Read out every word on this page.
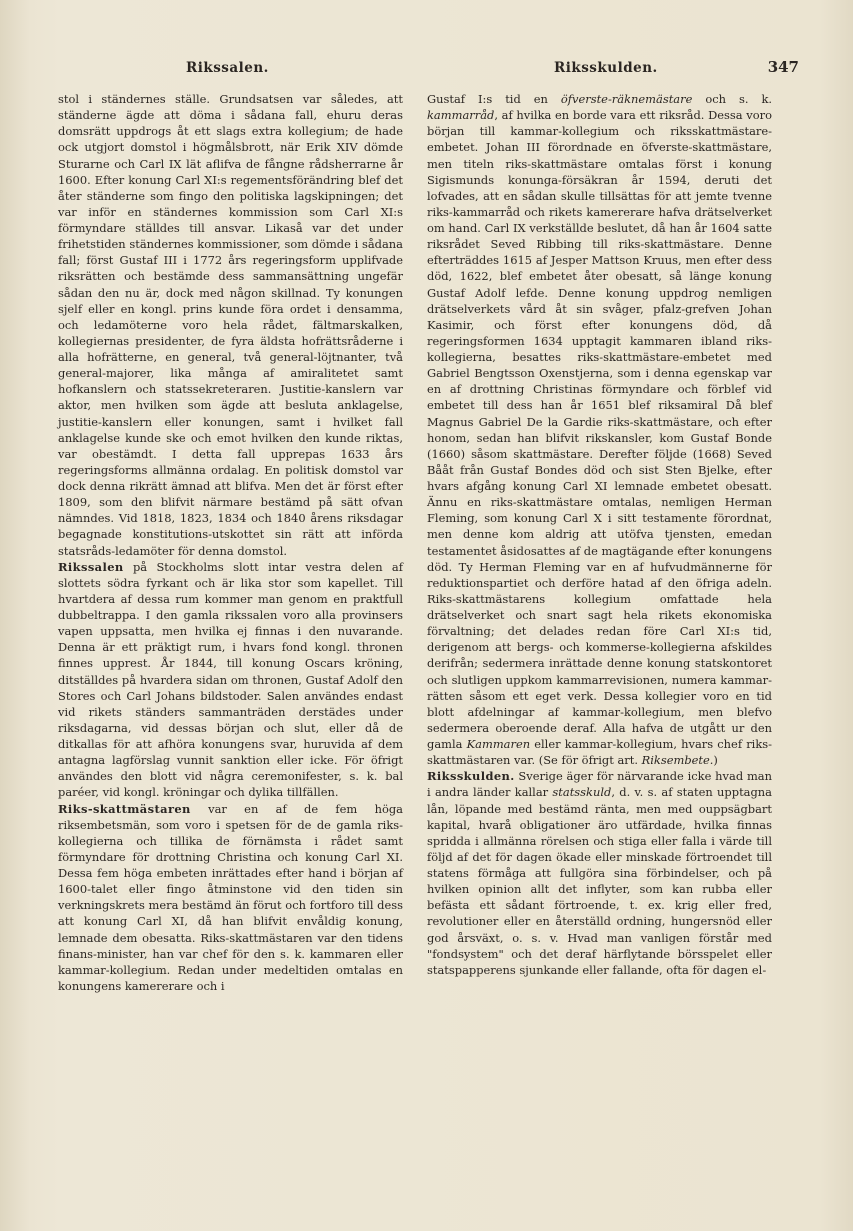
Rikssalen.	Riksskulden.	347

stol i ständernes ställe. Grundsatsen var således, att ständerne ägde att döma i sådana fall, ehuru deras domsrätt uppdrogs åt ett slags extra kollegium; de hade ock utgjort domstol i högmålsbrott, när Erik XIV dömde Sturarne och Carl IX lät aflifva de fångne rådsherrarne år 1600. Efter konung Carl XI:s regementsförändring blef det åter ständerne som fingo den politiska lagskipningen; det var inför en ständernes kommission som Carl XI:s förmyndare ställdes till ansvar. Likaså var det under frihetstiden ständernes kommissioner, som dömde i sådana fall; först Gustaf III i 1772 års regeringsform upplifvade riksrätten och bestämde dess sammansättning ungefär sådan den nu är, dock med någon skillnad. Ty konungen sjelf eller en kongl. prins kunde föra ordet i densamma, och ledamöterne voro hela rådet, fältmarskalken, kollegiernas presidenter, de fyra äldsta hofrättsråderne i alla hofrätterne, en general, två general-löjtnanter, två general-majorer, lika många af amiralitetet samt hofkanslern och statssekreteraren. Justitie-kanslern var aktor, men hvilken som ägde att besluta anklagelse, justitie-kanslern eller konungen, samt i hvilket fall anklagelse kunde ske och emot hvilken den kunde riktas, var obestämdt. I detta fall upprepas 1633 års regeringsforms allmänna ordalag. En politisk domstol var dock denna rikrätt ämnad att blifva. Men det är först efter 1809, som den blifvit närmare bestämd på sätt ofvan nämndes. Vid 1818, 1823, 1834 och 1840 årens riksdagar begagnade konstitutions-utskottet sin rätt att införda statsråds-ledamöter för denna domstol.

Rikssalen på Stockholms slott intar vestra delen af slottets södra fyrkant och är lika stor som kapellet. Till hvartdera af dessa rum kommer man genom en praktfull dubbeltrappa. I den gamla rikssalen voro alla provinsers vapen uppsatta, men hvilka ej finnas i den nuvarande. Denna är ett präktigt rum, i hvars fond kongl. thronen finnes upprest. År 1844, till konung Oscars kröning, ditställdes på hvardera sidan om thronen, Gustaf Adolf den Stores och Carl Johans bildstoder. Salen användes endast vid rikets ständers sammanträden derstädes under riksdagarna, vid dessas början och slut, eller då de ditkallas för att afhöra konungens svar, huruvida af dem antagna lagförslag vunnit sanktion eller icke. För öfrigt användes den blott vid några ceremonifester, s. k. bal paréer, vid kongl. kröningar och dylika tillfällen.

Riks-skattmästaren var en af de fem höga riksembetsmän, som voro i spetsen för de de gamla riks-kollegierna och tillika de förnämsta i rådet samt förmyndare för drottning Christina och konung Carl XI. Dessa fem höga embeten inrättades efter hand i början af 1600-talet eller fingo åtminstone vid den tiden sin verkningskrets mera bestämd än förut och fortforo till dess att konung Carl XI, då han blifvit envåldig konung, lemnade dem obesatta. Riks-skattmästaren var den tidens finans-minister, han var chef för den s. k. kammaren eller kammar-kollegium. Redan under medeltiden omtalas en konungens kamererare och i

Gustaf I:s tid en öfverste-räknemästare och s. k. kammarråd, af hvilka en borde vara ett riksråd. Dessa voro början till kammar-kollegium och riksskattmästare-embetet. Johan III förordnade en öfverste-skattmästare, men titeln riks-skattmästare omtalas först i konung Sigismunds konunga-försäkran år 1594, deruti det lofvades, att en sådan skulle tillsättas för att jemte tvenne riks-kammarråd och rikets kamererare hafva drätselverket om hand. Carl IX verkställde beslutet, då han år 1604 satte riksrådet Seved Ribbing till riks-skattmästare. Denne efterträddes 1615 af Jesper Mattson Kruus, men efter dess död, 1622, blef embetet åter obesatt, så länge konung Gustaf Adolf lefde. Denne konung uppdrog nemligen drätselverkets vård åt sin svåger, pfalz-grefven Johan Kasimir, och först efter konungens död, då regeringsformen 1634 upptagit kammaren ibland riks-kollegierna, besattes riks-skattmästare-embetet med Gabriel Bengtsson Oxenstjerna, som i denna egenskap var en af drottning Christinas förmyndare och förblef vid embetet till dess han år 1651 blef riksamiral Då blef Magnus Gabriel De la Gardie riks-skattmästare, och efter honom, sedan han blifvit rikskansler, kom Gustaf Bonde (1660) såsom skattmästare. Derefter följde (1668) Seved Bååt från Gustaf Bondes död och sist Sten Bjelke, efter hvars afgång konung Carl XI lemnade embetet obesatt. Ännu en riks-skattmästare omtalas, nemligen Herman Fleming, som konung Carl X i sitt testamente förordnat, men denne kom aldrig att utöfva tjensten, emedan testamentet åsidosattes af de magtägande efter konungens död. Ty Herman Fleming var en af hufvudmännerne för reduktionspartiet och derföre hatad af den öfriga adeln. Riks-skattmästarens kollegium omfattade hela drätselverket och snart sagt hela rikets ekonomiska förvaltning; det delades redan före Carl XI:s tid, derigenom att bergs- och kommerse-kollegierna afskildes derifrån; sedermera inrättade denne konung statskontoret och slutligen uppkom kammarrevisionen, numera kammar-rätten såsom ett eget verk. Dessa kollegier voro en tid blott afdelningar af kammar-kollegium, men blefvo sedermera oberoende deraf. Alla hafva de utgått ur den gamla Kammaren eller kammar-kollegium, hvars chef riks-skattmästaren var. (Se för öfrigt art. Riksembete.)

Riksskulden. Sverige äger för närvarande icke hvad man i andra länder kallar statsskuld, d. v. s. af staten upptagna lån, löpande med bestämd ränta, men med ouppsägbart kapital, hvarå obligationer äro utfärdade, hvilka finnas spridda i allmänna rörelsen och stiga eller falla i värde till följd af det för dagen ökade eller minskade förtroendet till statens förmåga att fullgöra sina förbindelser, och på hvilken opinion allt det inflyter, som kan rubba eller befästa ett sådant förtroende, t. ex. krig eller fred, revolutioner eller en återställd ordning, hungersnöd eller god årsväxt, o. s. v. Hvad man vanligen förstår med "fondsystem" och det deraf härflytande börsspelet eller statspapperens sjunkande eller fallande, ofta för dagen el-
